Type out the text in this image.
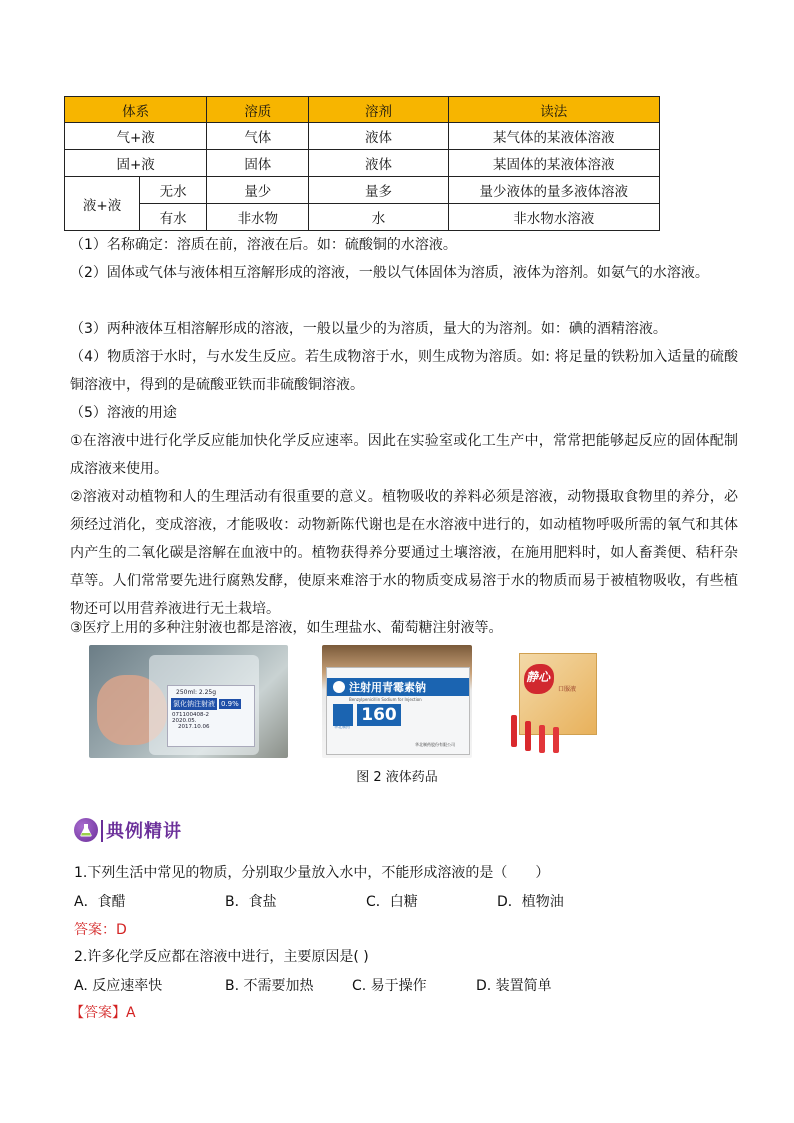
体系		溶质	溶剂	读法
气+液		气体	液体	某气体的某液体溶液
固+液		固体	液体	某固体的某液体溶液
液+液	无水	量少	量多	量少液体的量多液体溶液
	有水	非水物	水	非水物水溶液

（1）名称确定：溶质在前，溶液在后。如：硫酸铜的水溶液。

（2）固体或气体与液体相互溶解形成的溶液，一般以气体固体为溶质，液体为溶剂。如氨气的水溶液。

（3）两种液体互相溶解形成的溶液，一般以量少的为溶质，量大的为溶剂。如：碘的酒精溶液。

（4）物质溶于水时，与水发生反应。若生成物溶于水，则生成物为溶质。如: 将足量的铁粉加入适量的硫酸铜溶液中，得到的是硫酸亚铁而非硫酸铜溶液。

（5）溶液的用途

①在溶液中进行化学反应能加快化学反应速率。因此在实验室或化工生产中，常常把能够起反应的固体配制成溶液来使用。

②溶液对动植物和人的生理活动有很重要的意义。植物吸收的养料必须是溶液，动物摄取食物里的养分，必须经过消化，变成溶液，才能吸收：动物新陈代谢也是在水溶液中进行的，如动植物呼吸所需的氧气和其体内产生的二氧化碳是溶解在血液中的。植物获得养分要通过土壤溶液，在施用肥料时，如人畜粪便、秸秆杂草等。人们常常要先进行腐熟发酵，使原来难溶于水的物质变成易溶于水的物质而易于被植物吸收，有些植物还可以用营养液进行无土栽培。

③医疗上用的多种注射液也都是溶液，如生理盐水、葡萄糖注射液等。

250ml: 2.25g
氯化钠注射液 0.9%
071100408-2
2020.05.
2017.10.06
注射用青霉素钠
Benzylpenicillin Sodium for Injection
华北制药
160
华北制药股份有限公司
静心
口服液
图 2 液体药品
典例精讲
1.下列生活中常见的物质，分别取少量放入水中，不能形成溶液的是（　　）
A．食醋	B．食盐	C．白糖	D．植物油
答案：D
2.许多化学反应都在溶液中进行，主要原因是( )
A. 反应速率快	B. 不需要加热	C. 易于操作	D. 装置简单
【答案】A
